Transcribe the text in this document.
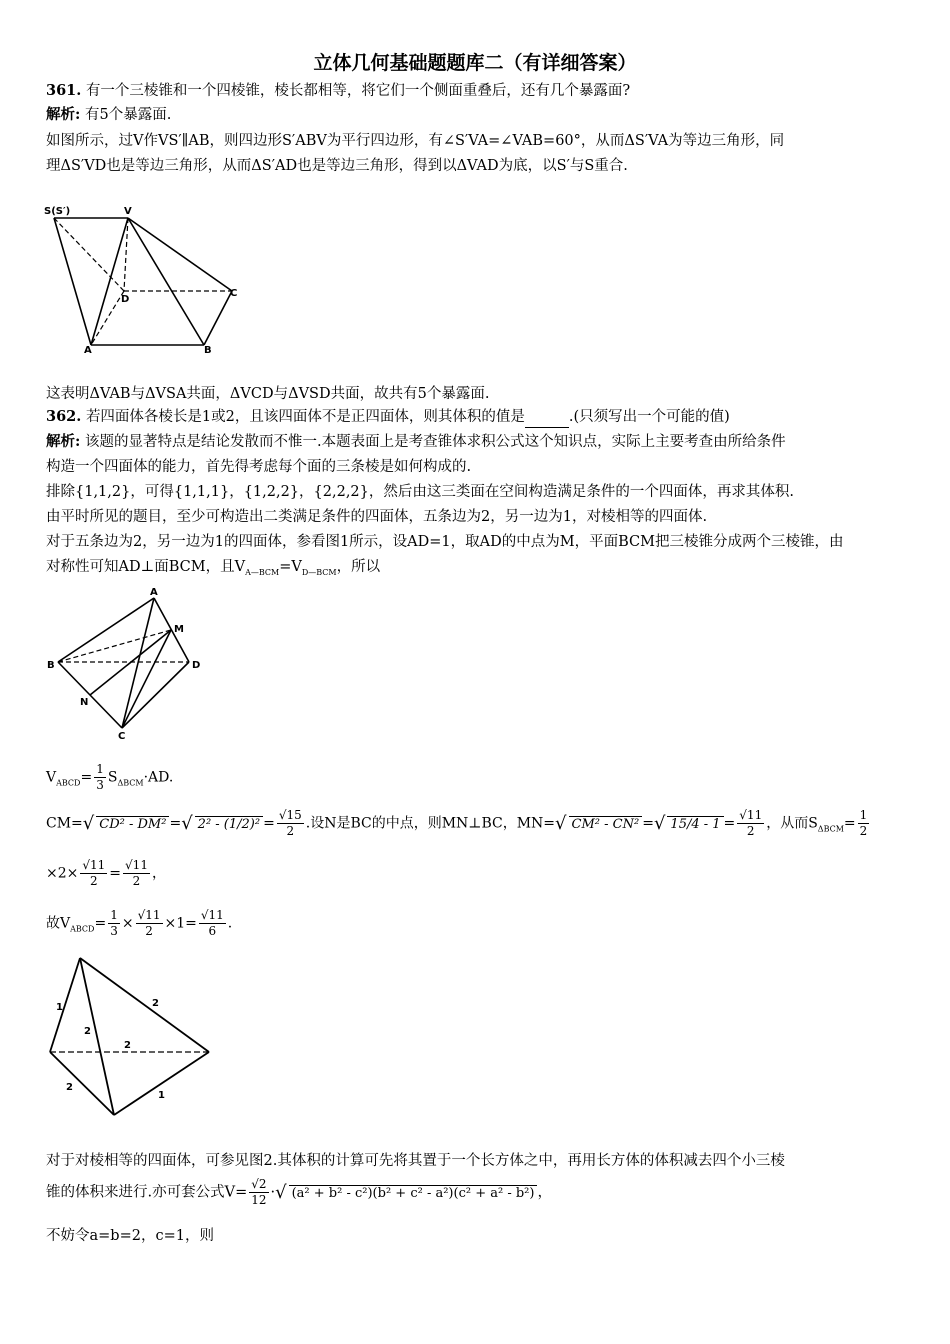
立体几何基础题题库二（有详细答案）
361. 有一个三棱锥和一个四棱锥，棱长都相等，将它们一个侧面重叠后，还有几个暴露面?
解析: 有5个暴露面.
如图所示，过V作VS′∥AB，则四边形S′ABV为平行四边形，有∠S′VA=∠VAB=60°，从而ΔS′VA为等边三角形，同
理ΔS′VD也是等边三角形，从而ΔS′AD也是等边三角形，得到以ΔVAD为底，以S′与S重合.
S(S′)	V
D
C
A	B
这表明ΔVAB与ΔVSA共面，ΔVCD与ΔVSD共面，故共有5个暴露面.
362. 若四面体各棱长是1或2，且该四面体不是正四面体，则其体积的值是	.(只须写出一个可能的值)
解析: 该题的显著特点是结论发散而不惟一.本题表面上是考查锥体求积公式这个知识点，实际上主要考查由所给条件
构造一个四面体的能力，首先得考虑每个面的三条棱是如何构成的.
排除{1,1,2}，可得{1,1,1}，{1,2,2}，{2,2,2}，然后由这三类面在空间构造满足条件的一个四面体，再求其体积.
由平时所见的题目，至少可构造出二类满足条件的四面体，五条边为2，另一边为1，对棱相等的四面体.
对于五条边为2，另一边为1的四面体，参看图1所示，设AD=1，取AD的中点为M，平面BCM把三棱锥分成两个三棱锥，由
对称性可知AD⊥面BCM，且$V_{A—BCM}=V_{D—BCM}$，所以
A
M
B	D
N
C
$V_{ABCD}= \frac{1}{3} S_{\Delta BCM}\cdot AD$.
CM=√ CD² - DM² =√ $2^2 - (1/2)^2 = \frac{√15}{2}$ .设N是BC的中点，则MN⊥BC，MN=√ CM² - CN² =√ $15/4 - 1 = \frac{√11}{2}$ ，从而$S_{\Delta BCM}= \frac{1}{2}$
$\times 2\times \frac{√11}{2} = \frac{√11}{2}$ ，
故$V_{ABCD}= \frac{1}{3} \times \frac{√11}{2} \times 1= \frac{√11}{6}$ .
1	2
2
2
2
1
对于对棱相等的四面体，可参见图2.其体积的计算可先将其置于一个长方体之中，再用长方体的体积减去四个小三棱
锥的体积来进行.亦可套公式$V= \frac{√2}{12}$ ·√ (a² + b² - c²)(b² + c² - a²)(c² + a² - b²) ，
不妨令a=b=2，c=1，则
